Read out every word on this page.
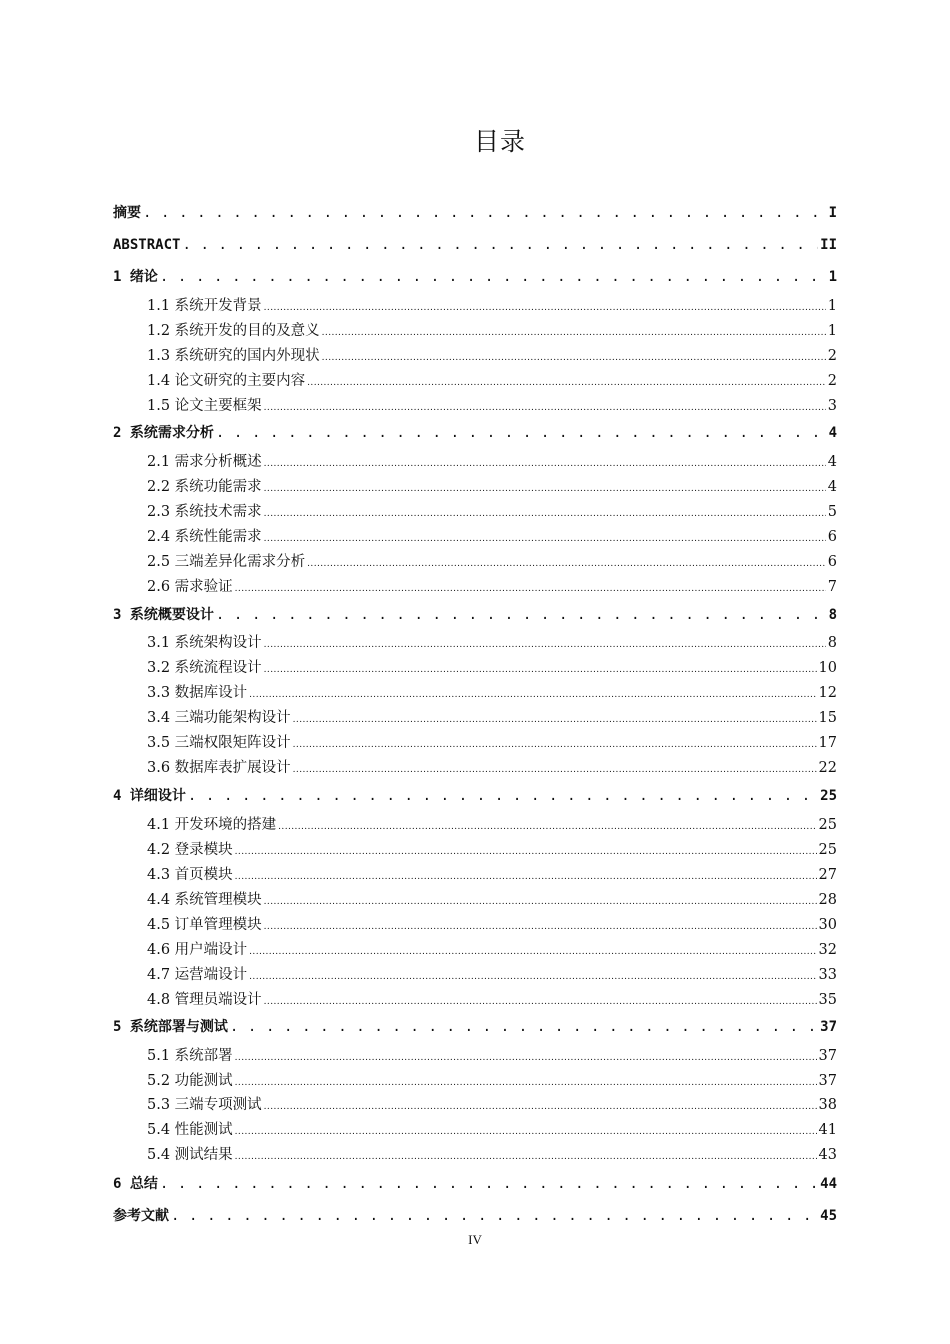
目录
摘要 . . .	I
ABSTRACT . . .	II
1 绪论 . . .	1
1.1 系统开发背景 .....	1
1.2 系统开发的目的及意义 .....	1
1.3 系统研究的国内外现状 .....	2
1.4 论文研究的主要内容 .....	2
1.5 论文主要框架 .....	3
2 系统需求分析 . . .	4
2.1 需求分析概述 .....	4
2.2 系统功能需求 .....	4
2.3 系统技术需求 .....	5
2.4 系统性能需求 .....	6
2.5 三端差异化需求分析 .....	6
2.6 需求验证 .....	7
3 系统概要设计 . . .	8
3.1 系统架构设计 .....	8
3.2 系统流程设计 .....	10
3.3 数据库设计 .....	12
3.4 三端功能架构设计 .....	15
3.5 三端权限矩阵设计 .....	17
3.6 数据库表扩展设计 .....	22
4 详细设计 . . .	25
4.1 开发环境的搭建 .....	25
4.2 登录模块 .....	25
4.3 首页模块 .....	27
4.4 系统管理模块 .....	28
4.5 订单管理模块 .....	30
4.6 用户端设计 .....	32
4.7 运营端设计 .....	33
4.8 管理员端设计 .....	35
5 系统部署与测试 . . .	37
5.1 系统部署 .....	37
5.2 功能测试 .....	37
5.3 三端专项测试 .....	38
5.4 性能测试 .....	41
5.4 测试结果 .....	43
6 总结 . . .	44
参考文献 . . .	45
IV
